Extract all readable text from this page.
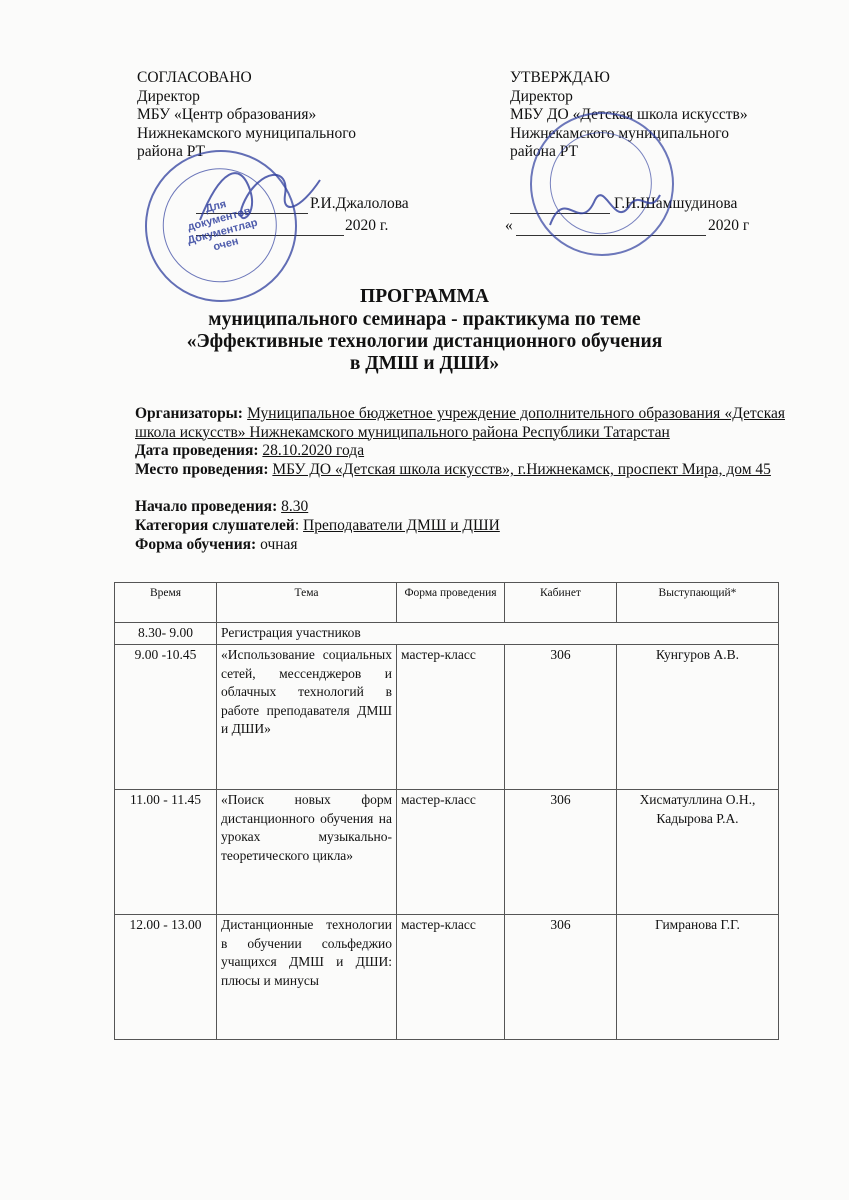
СОГЛАСОВАНО
Директор
МБУ «Центр образования»
Нижнекамского муниципального
района РТ
Р.И.Джалолова
2020 г.
УТВЕРЖДАЮ
Директор
МБУ ДО «Детская школа искусств»
Нижнекамского муниципального
района РТ
Г.Н.Шамшудинова
«	2020 г
Для документов Документлар очен
ПРОГРАММА
муниципального семинара - практикума по теме
«Эффективные технологии дистанционного обучения
в ДМШ и ДШИ»
Организаторы: Муниципальное бюджетное учреждение дополнительного образования «Детская школа искусств» Нижнекамского муниципального района Республики Татарстан
Дата проведения: 28.10.2020 года
Место проведения: МБУ ДО «Детская школа искусств», г.Нижнекамск, проспект Мира, дом 45
Начало проведения: 8.30
Категория слушателей: Преподаватели ДМШ и ДШИ
Форма обучения: очная
Время	Тема	Форма проведения	Кабинет	Выступающий*
8.30- 9.00	Регистрация участников			
9.00 -10.45	«Использование социальных сетей, мессенджеров и облачных технологий в работе преподавателя ДМШ и ДШИ»	мастер-класс	306	Кунгуров А.В.
11.00 - 11.45	«Поиск новых форм дистанционного обучения на уроках музыкально-теоретического цикла»	мастер-класс	306	Хисматуллина О.Н., Кадырова Р.А.
12.00 - 13.00	Дистанционные технологии в обучении сольфеджио учащихся ДМШ и ДШИ: плюсы и минусы	мастер-класс	306	Гимранова Г.Г.
